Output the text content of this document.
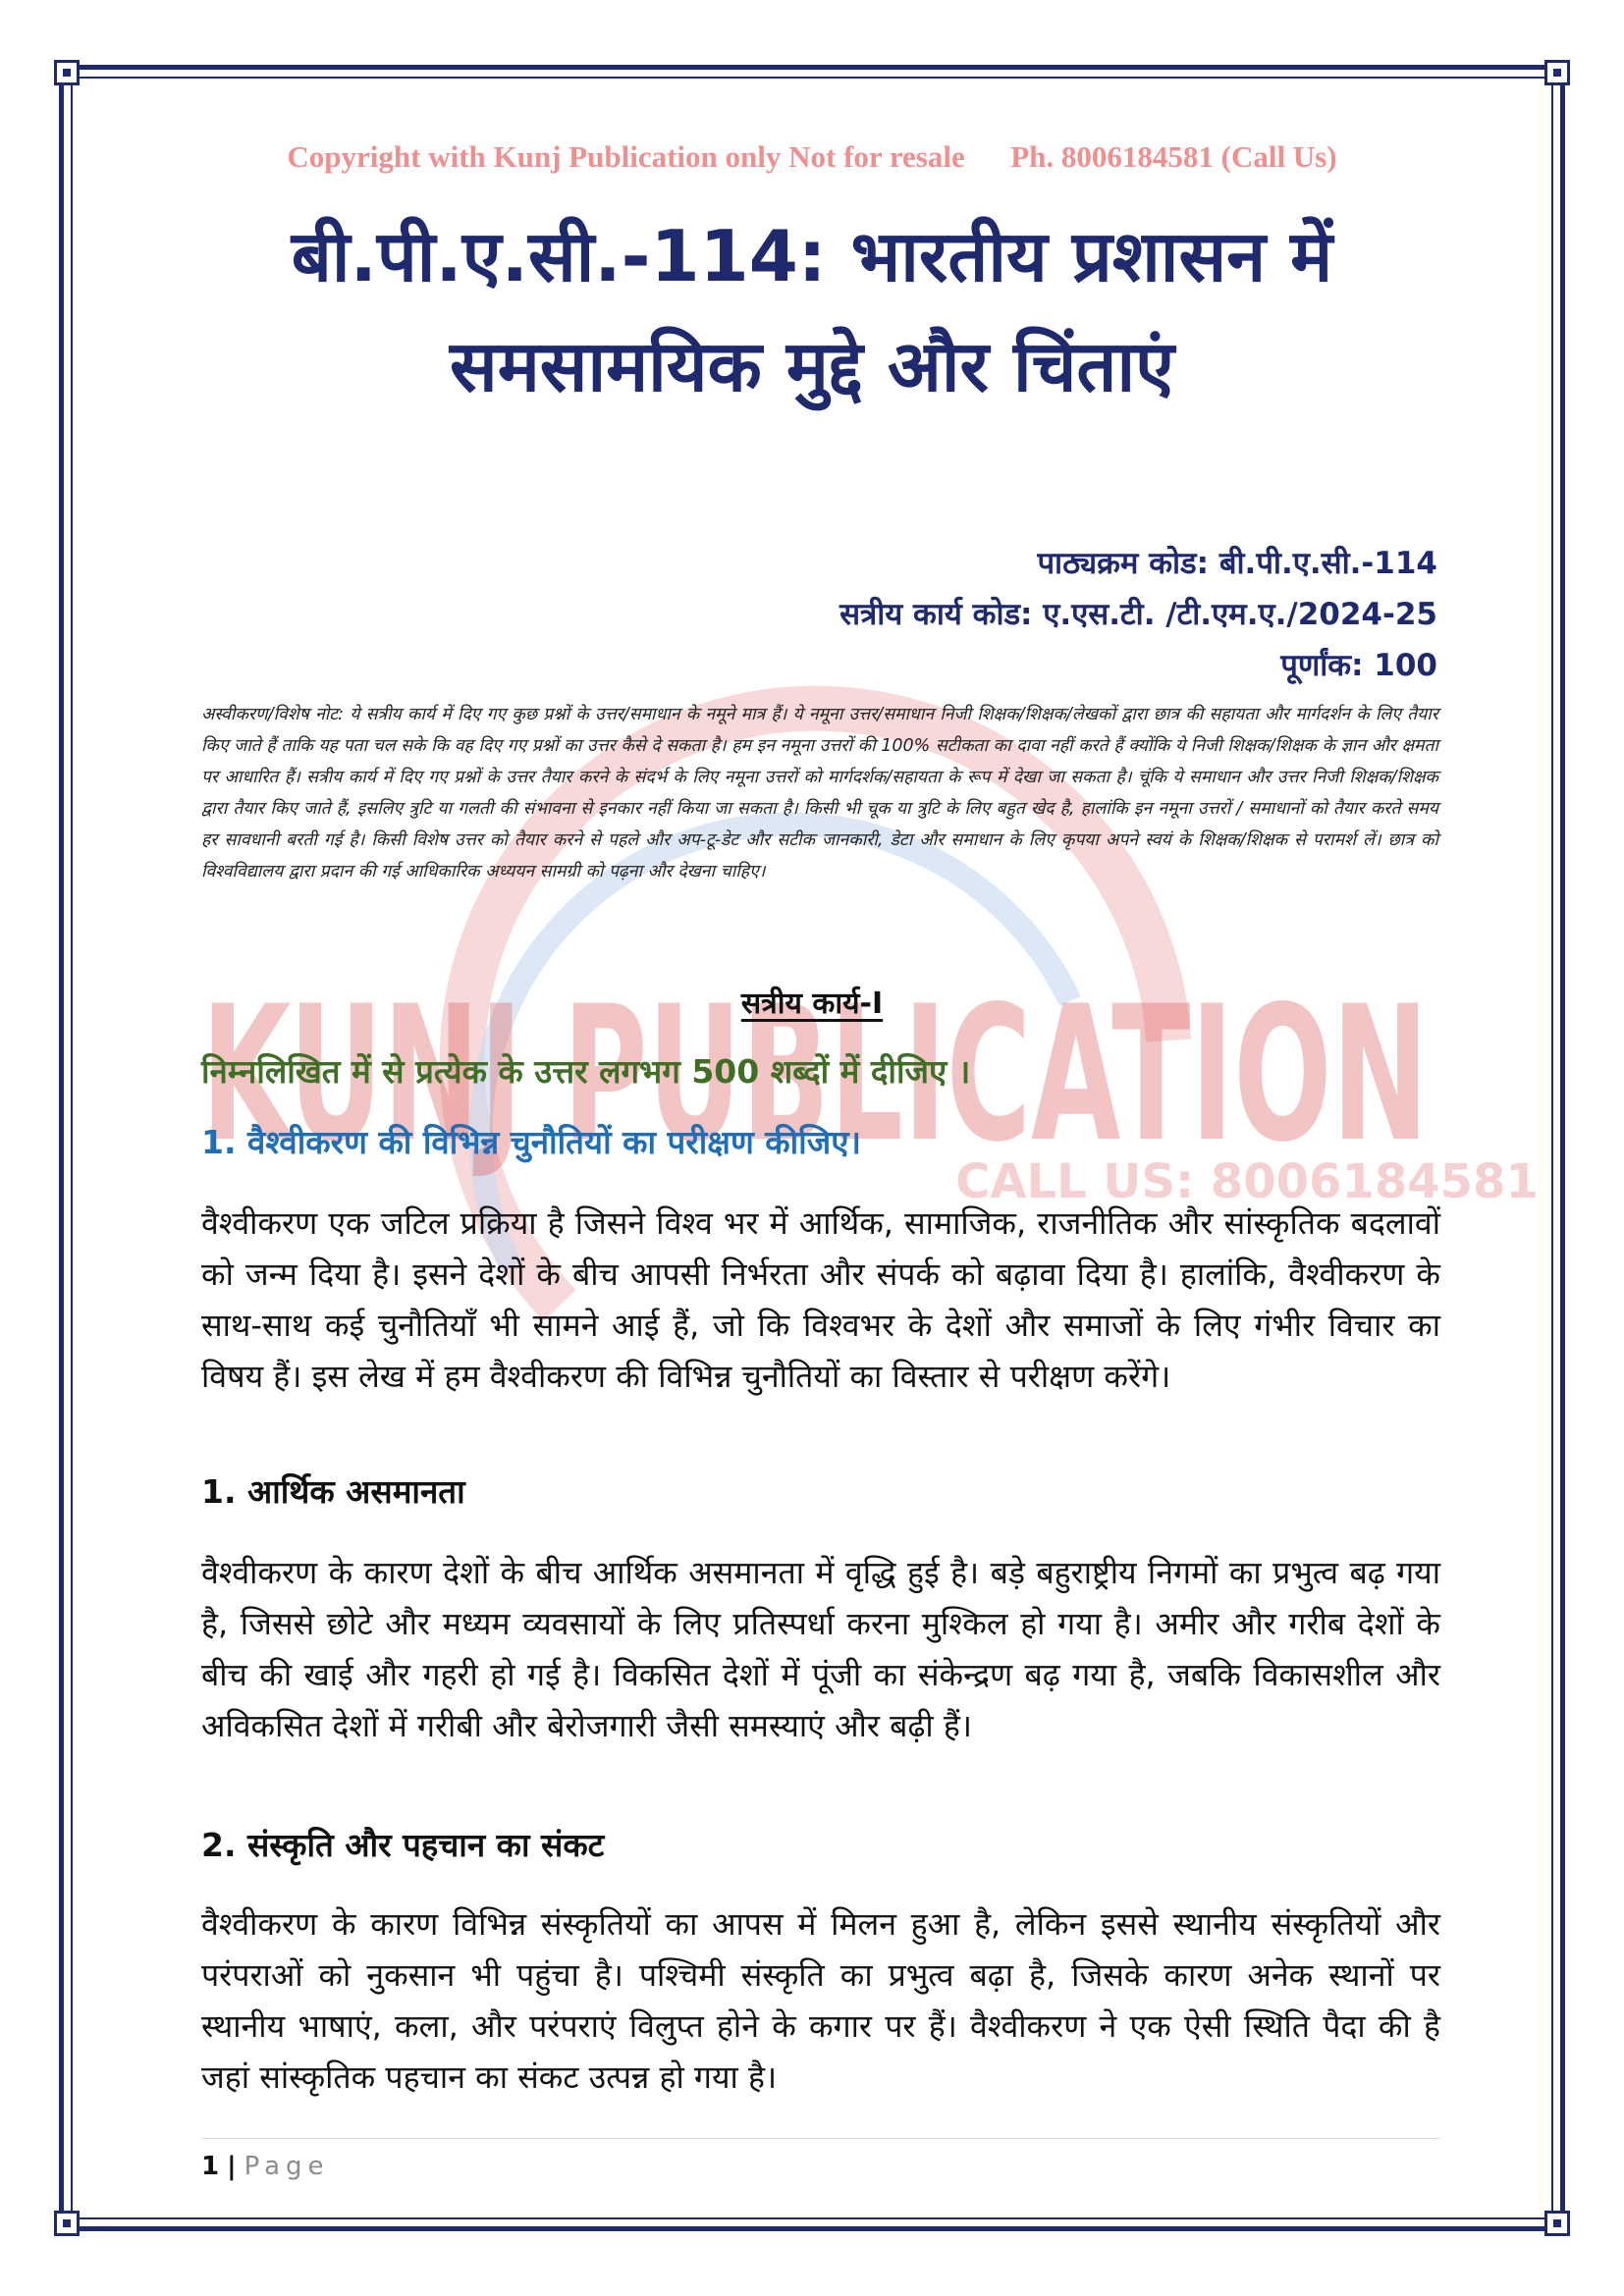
KUNJ PUBLICATION
CALL US: 8006184581
Copyright with Kunj Publication only Not for resale      Ph. 8006184581 (Call Us)
बी.पी.ए.सी.-114: भारतीय प्रशासन में
समसामयिक मुद्दे और चिंताएं
पाठ्यक्रम कोड: बी.पी.ए.सी.-114
सत्रीय कार्य कोड: ए.एस.टी. /टी.एम.ए./2024-25
पूर्णांक: 100
अस्वीकरण/विशेष नोट: ये सत्रीय कार्य में दिए गए कुछ प्रश्नों के उत्तर/समाधान के नमूने मात्र हैं। ये नमूना उत्तर/समाधान निजी शिक्षक/शिक्षक/लेखकों द्वारा छात्र की सहायता और मार्गदर्शन के लिए तैयार किए जाते हैं ताकि यह पता चल सके कि वह दिए गए प्रश्नों का उत्तर कैसे दे सकता है। हम इन नमूना उत्तरों की 100% सटीकता का दावा नहीं करते हैं क्योंकि ये निजी शिक्षक/शिक्षक के ज्ञान और क्षमता पर आधारित हैं। सत्रीय कार्य में दिए गए प्रश्नों के उत्तर तैयार करने के संदर्भ के लिए नमूना उत्तरों को मार्गदर्शक/सहायता के रूप में देखा जा सकता है। चूंकि ये समाधान और उत्तर निजी शिक्षक/शिक्षक द्वारा तैयार किए जाते हैं, इसलिए त्रुटि या गलती की संभावना से इनकार नहीं किया जा सकता है। किसी भी चूक या त्रुटि के लिए बहुत खेद है, हालांकि इन नमूना उत्तरों / समाधानों को तैयार करते समय हर सावधानी बरती गई है। किसी विशेष उत्तर को तैयार करने से पहले और अप-टू-डेट और सटीक जानकारी, डेटा और समाधान के लिए कृपया अपने स्वयं के शिक्षक/शिक्षक से परामर्श लें। छात्र को विश्वविद्यालय द्वारा प्रदान की गई आधिकारिक अध्ययन सामग्री को पढ़ना और देखना चाहिए।
सत्रीय कार्य-I
निम्नलिखित में से प्रत्येक के उत्तर लगभग 500 शब्दों में दीजिए ।
1. वैश्वीकरण की विभिन्न चुनौतियों का परीक्षण कीजिए।
वैश्वीकरण एक जटिल प्रक्रिया है जिसने विश्व भर में आर्थिक, सामाजिक, राजनीतिक और सांस्कृतिक बदलावों को जन्म दिया है। इसने देशों के बीच आपसी निर्भरता और संपर्क को बढ़ावा दिया है। हालांकि, वैश्वीकरण के साथ-साथ कई चुनौतियाँ भी सामने आई हैं, जो कि विश्वभर के देशों और समाजों के लिए गंभीर विचार का विषय हैं। इस लेख में हम वैश्वीकरण की विभिन्न चुनौतियों का विस्तार से परीक्षण करेंगे।
1. आर्थिक असमानता
वैश्वीकरण के कारण देशों के बीच आर्थिक असमानता में वृद्धि हुई है। बड़े बहुराष्ट्रीय निगमों का प्रभुत्व बढ़ गया है, जिससे छोटे और मध्यम व्यवसायों के लिए प्रतिस्पर्धा करना मुश्किल हो गया है। अमीर और गरीब देशों के बीच की खाई और गहरी हो गई है। विकसित देशों में पूंजी का संकेन्द्रण बढ़ गया है, जबकि विकासशील और अविकसित देशों में गरीबी और बेरोजगारी जैसी समस्याएं और बढ़ी हैं।
2. संस्कृति और पहचान का संकट
वैश्वीकरण के कारण विभिन्न संस्कृतियों का आपस में मिलन हुआ है, लेकिन इससे स्थानीय संस्कृतियों और परंपराओं को नुकसान भी पहुंचा है। पश्चिमी संस्कृति का प्रभुत्व बढ़ा है, जिसके कारण अनेक स्थानों पर स्थानीय भाषाएं, कला, और परंपराएं विलुप्त होने के कगार पर हैं। वैश्वीकरण ने एक ऐसी स्थिति पैदा की है जहां सांस्कृतिक पहचान का संकट उत्पन्न हो गया है।
1 | Page
